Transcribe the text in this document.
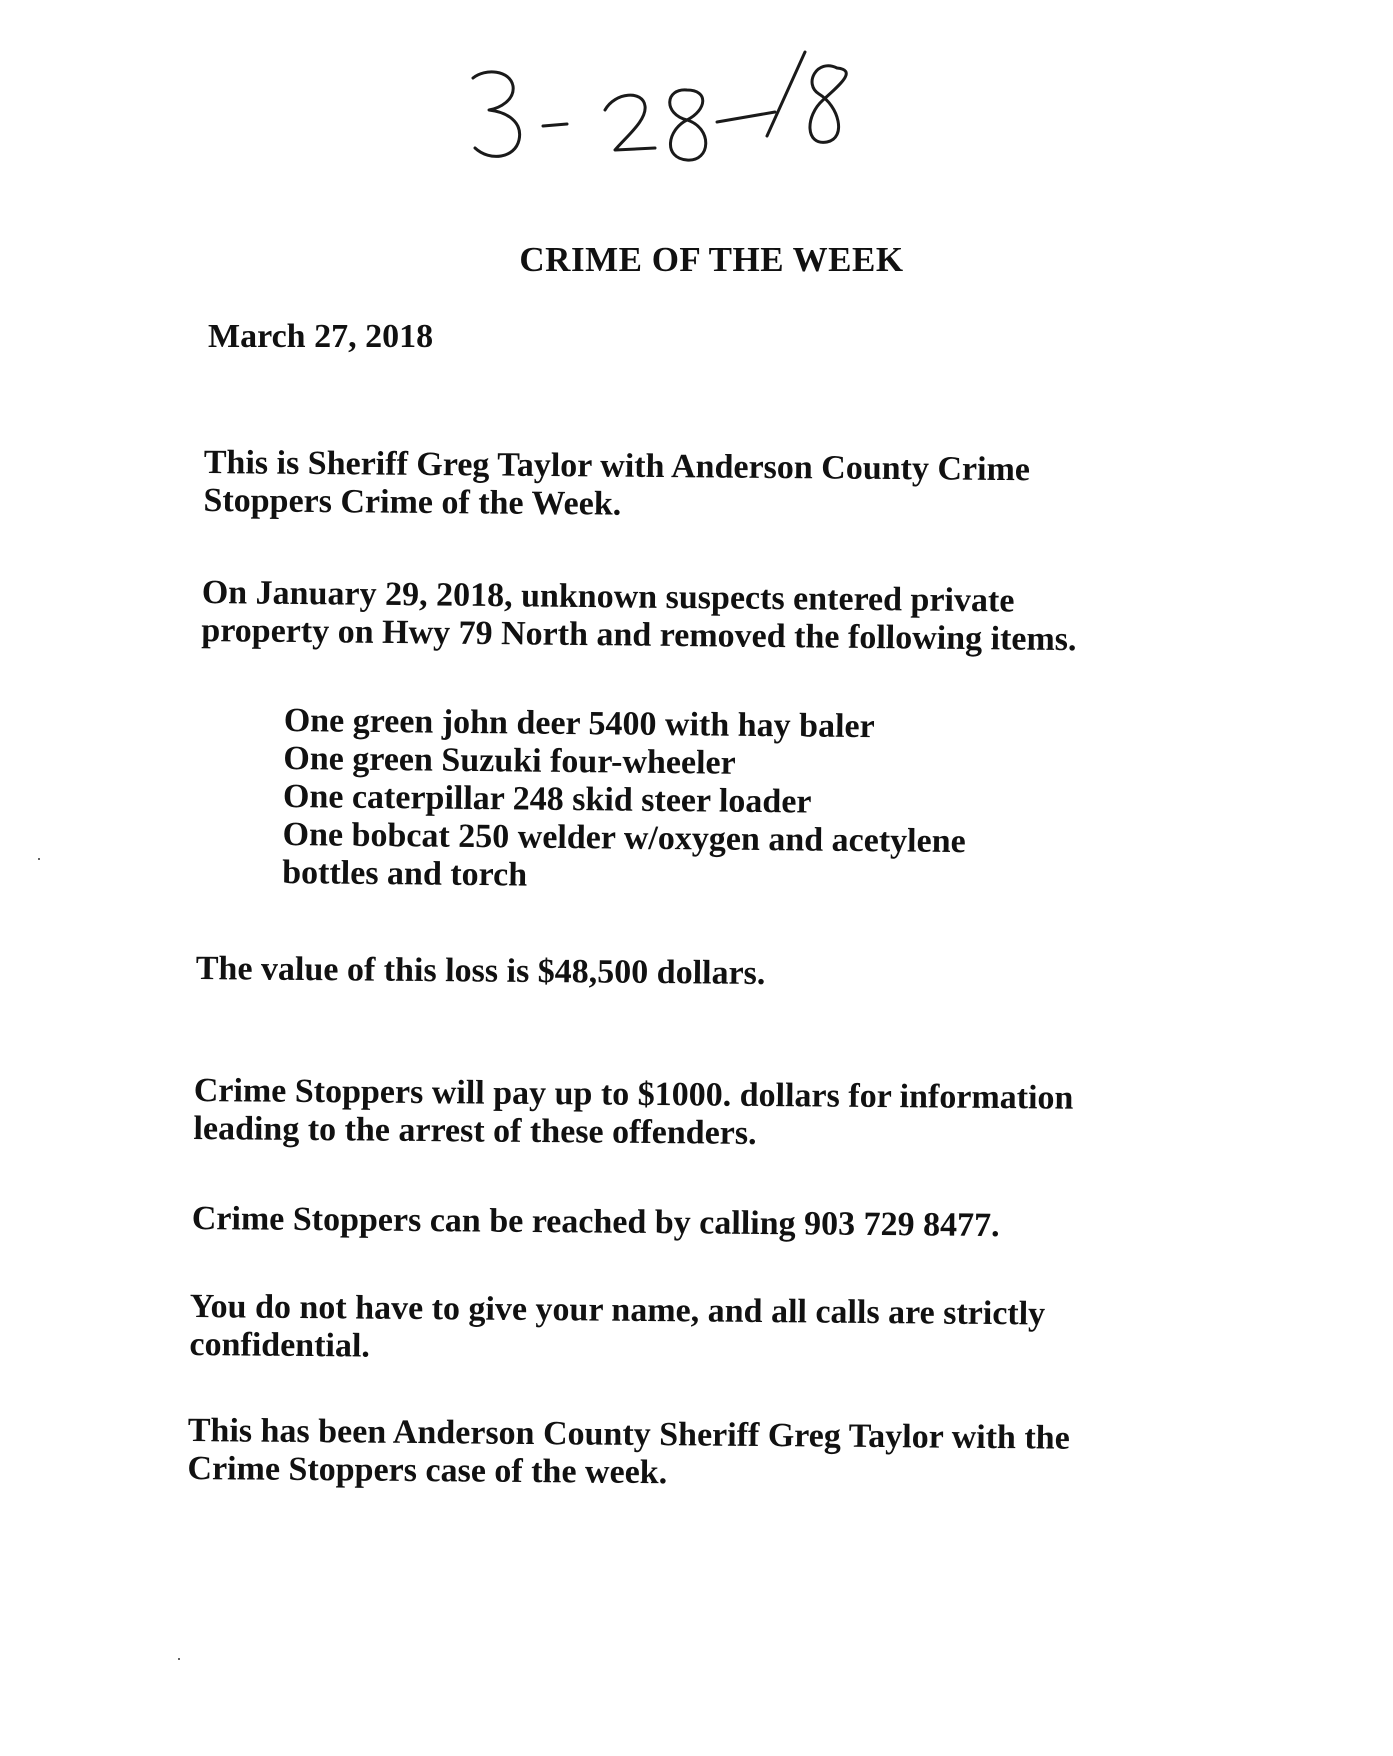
CRIME OF THE WEEK
March 27, 2018
This is Sheriff Greg Taylor with Anderson County Crime
Stoppers Crime of the Week.
On January 29, 2018, unknown suspects entered private
property on Hwy 79 North and removed the following items.
One green john deer 5400 with hay baler
One green Suzuki four-wheeler
One caterpillar 248 skid steer loader
One bobcat 250 welder w/oxygen and acetylene
bottles and torch
The value of this loss is $48,500 dollars.
Crime Stoppers will pay up to $1000. dollars for information
leading to the arrest of these offenders.
Crime Stoppers can be reached by calling 903 729 8477.
You do not have to give your name, and all calls are strictly
confidential.
This has been Anderson County Sheriff Greg Taylor with the
Crime Stoppers case of the week.
